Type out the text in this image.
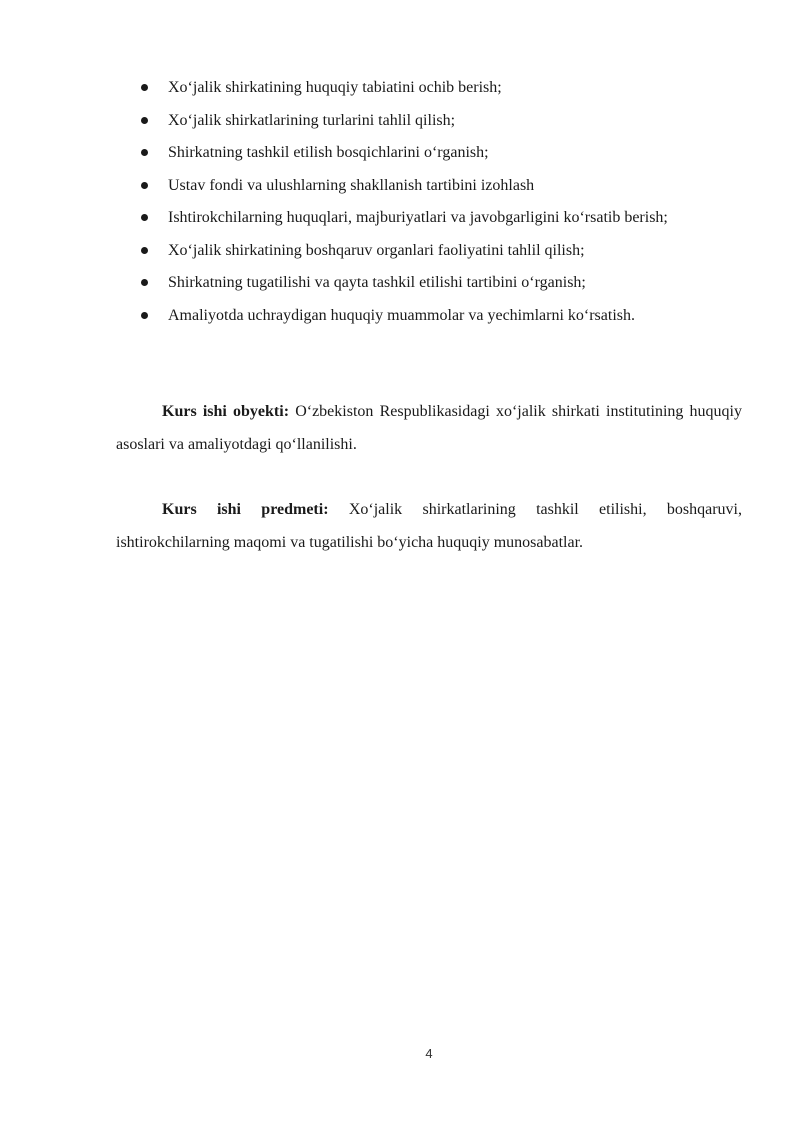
Xo‘jalik shirkatining huquqiy tabiatini ochib berish;
Xo‘jalik shirkatlarining turlarini tahlil qilish;
Shirkatning tashkil etilish bosqichlarini o‘rganish;
Ustav fondi va ulushlarning shakllanish tartibini izohlash
Ishtirokchilarning huquqlari, majburiyatlari va javobgarligini ko‘rsatib berish;
Xo‘jalik shirkatining boshqaruv organlari faoliyatini tahlil qilish;
Shirkatning tugatilishi va qayta tashkil etilishi tartibini o‘rganish;
Amaliyotda uchraydigan huquqiy muammolar va yechimlarni ko‘rsatish.

Kurs ishi obyekti: O‘zbekiston Respublikasidagi xo‘jalik shirkati institutining huquqiy asoslari va amaliyotdagi qo‘llanilishi.

Kurs ishi predmeti: Xo‘jalik shirkatlarining tashkil etilishi, boshqaruvi, ishtirokchilarning maqomi va tugatilishi bo‘yicha huquqiy munosabatlar.

4
